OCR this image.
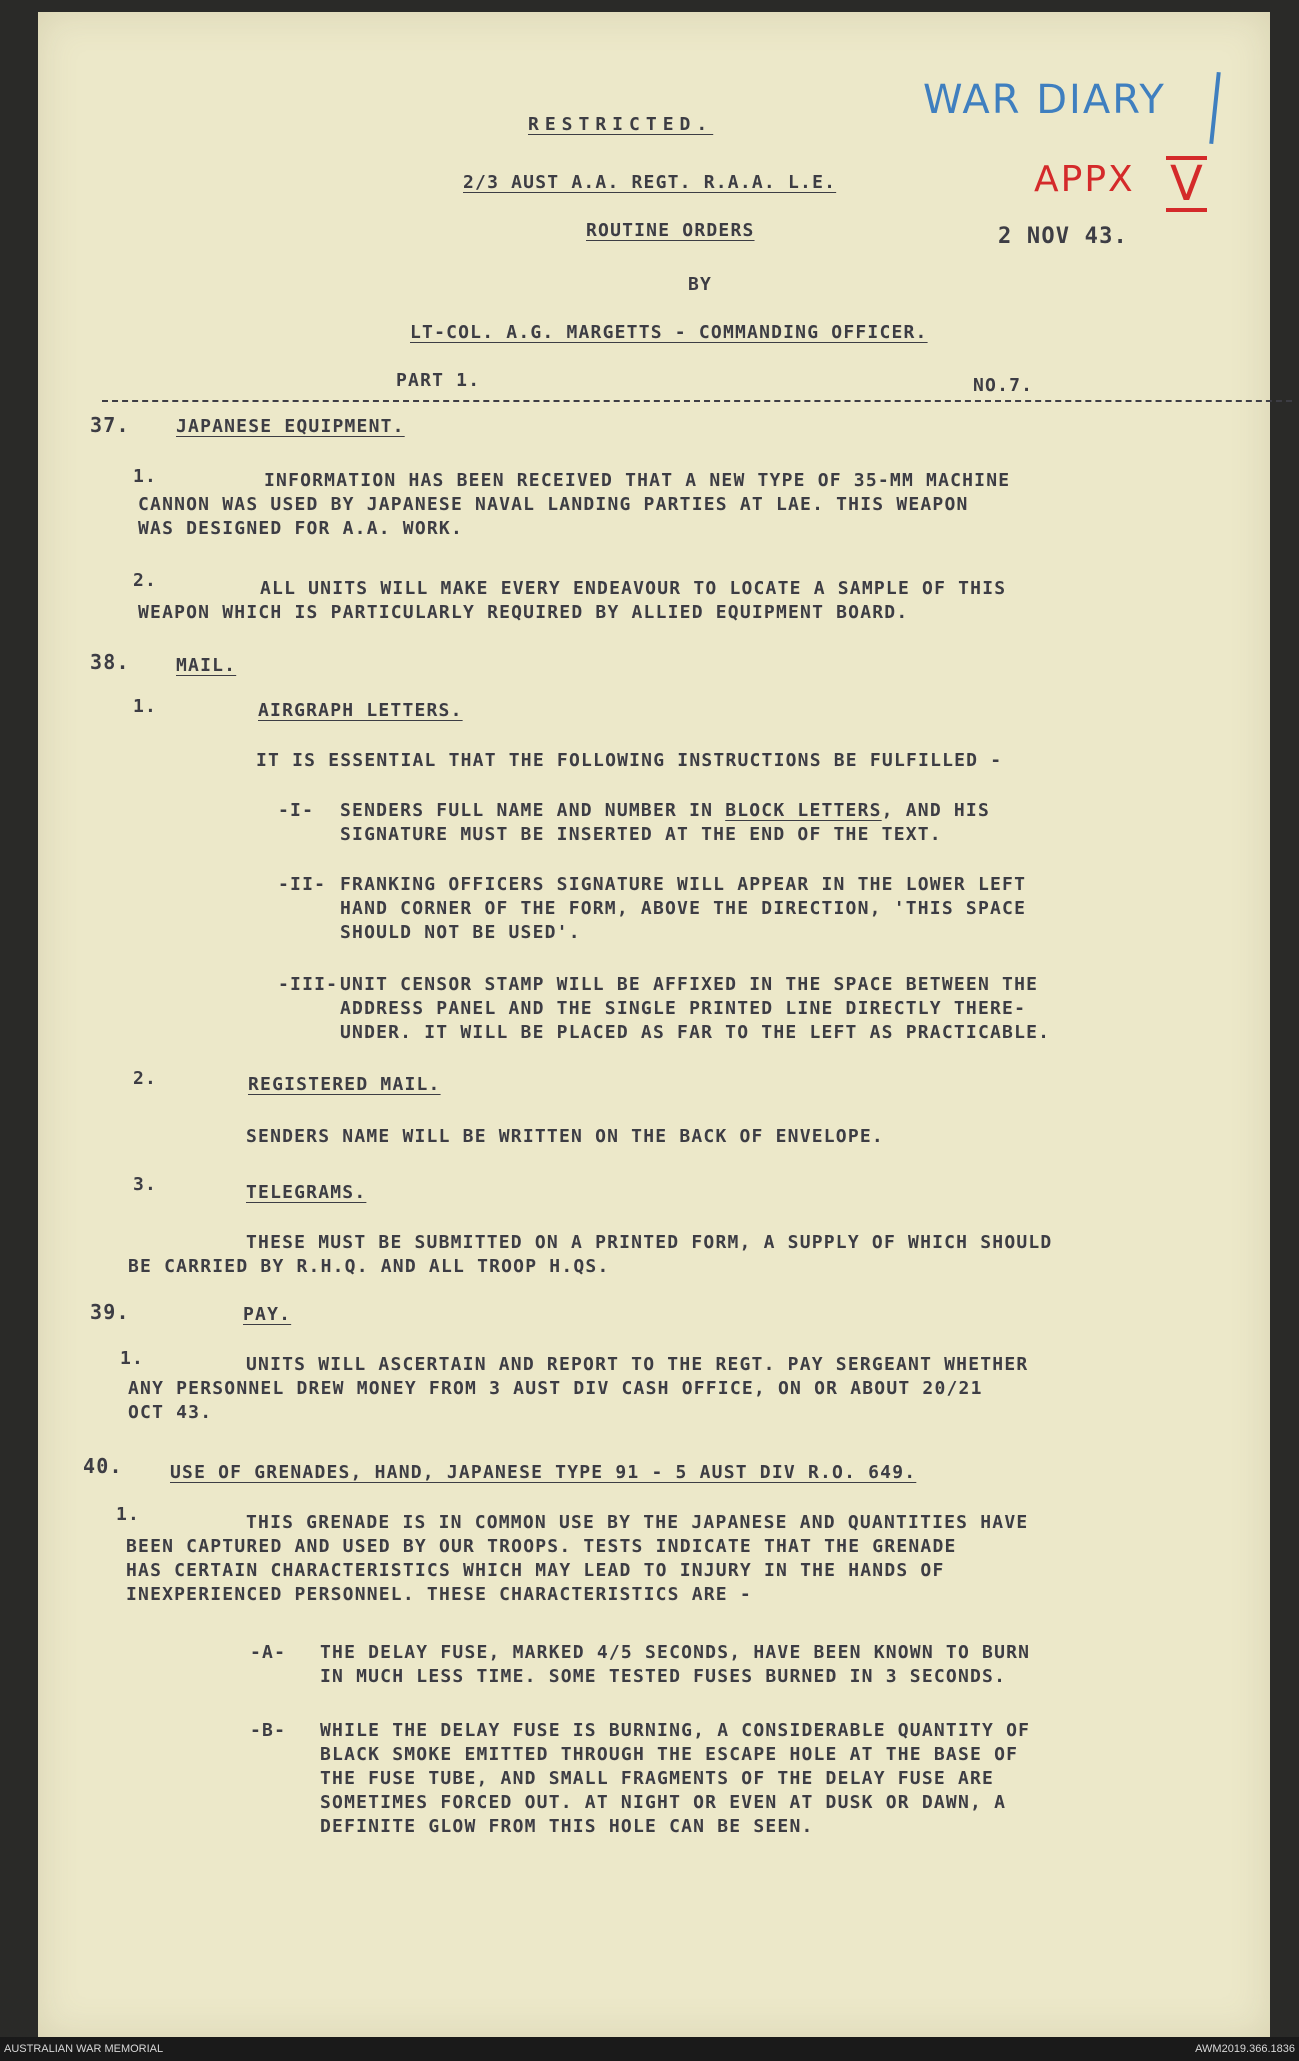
WAR DIARY
APPX V
RESTRICTED.
2/3 AUST A.A. REGT. R.A.A. L.E.
ROUTINE ORDERS	2 NOV 43.
BY
LT-COL. A.G. MARGETTS - COMMANDING OFFICER.
PART 1.	NO.7.
37.	JAPANESE EQUIPMENT.
1.	INFORMATION HAS BEEN RECEIVED THAT A NEW TYPE OF 35-MM MACHINE
CANNON WAS USED BY JAPANESE NAVAL LANDING PARTIES AT LAE. THIS WEAPON
WAS DESIGNED FOR A.A. WORK.
2.	ALL UNITS WILL MAKE EVERY ENDEAVOUR TO LOCATE A SAMPLE OF THIS
WEAPON WHICH IS PARTICULARLY REQUIRED BY ALLIED EQUIPMENT BOARD.
38.	MAIL.
1.	AIRGRAPH LETTERS.
IT IS ESSENTIAL THAT THE FOLLOWING INSTRUCTIONS BE FULFILLED -
-I- SENDERS FULL NAME AND NUMBER IN BLOCK LETTERS, AND HIS
SIGNATURE MUST BE INSERTED AT THE END OF THE TEXT.
-II- FRANKING OFFICERS SIGNATURE WILL APPEAR IN THE LOWER LEFT
HAND CORNER OF THE FORM, ABOVE THE DIRECTION, 'THIS SPACE
SHOULD NOT BE USED'.
-III- UNIT CENSOR STAMP WILL BE AFFIXED IN THE SPACE BETWEEN THE
ADDRESS PANEL AND THE SINGLE PRINTED LINE DIRECTLY THERE-
UNDER. IT WILL BE PLACED AS FAR TO THE LEFT AS PRACTICABLE.
2.	REGISTERED MAIL.
SENDERS NAME WILL BE WRITTEN ON THE BACK OF ENVELOPE.
3.	TELEGRAMS.
THESE MUST BE SUBMITTED ON A PRINTED FORM, A SUPPLY OF WHICH SHOULD
BE CARRIED BY R.H.Q. AND ALL TROOP H.QS.
39.	PAY.
1.	UNITS WILL ASCERTAIN AND REPORT TO THE REGT. PAY SERGEANT WHETHER
ANY PERSONNEL DREW MONEY FROM 3 AUST DIV CASH OFFICE, ON OR ABOUT 20/21
OCT 43.
40.	USE OF GRENADES, HAND, JAPANESE TYPE 91 - 5 AUST DIV R.O. 649.
1.	THIS GRENADE IS IN COMMON USE BY THE JAPANESE AND QUANTITIES HAVE
BEEN CAPTURED AND USED BY OUR TROOPS. TESTS INDICATE THAT THE GRENADE
HAS CERTAIN CHARACTERISTICS WHICH MAY LEAD TO INJURY IN THE HANDS OF
INEXPERIENCED PERSONNEL. THESE CHARACTERISTICS ARE -
-A- THE DELAY FUSE, MARKED 4/5 SECONDS, HAVE BEEN KNOWN TO BURN
IN MUCH LESS TIME. SOME TESTED FUSES BURNED IN 3 SECONDS.
-B- WHILE THE DELAY FUSE IS BURNING, A CONSIDERABLE QUANTITY OF
BLACK SMOKE EMITTED THROUGH THE ESCAPE HOLE AT THE BASE OF
THE FUSE TUBE, AND SMALL FRAGMENTS OF THE DELAY FUSE ARE
SOMETIMES FORCED OUT. AT NIGHT OR EVEN AT DUSK OR DAWN, A
DEFINITE GLOW FROM THIS HOLE CAN BE SEEN.
AUSTRALIAN WAR MEMORIAL	AWM2019.366.1836
